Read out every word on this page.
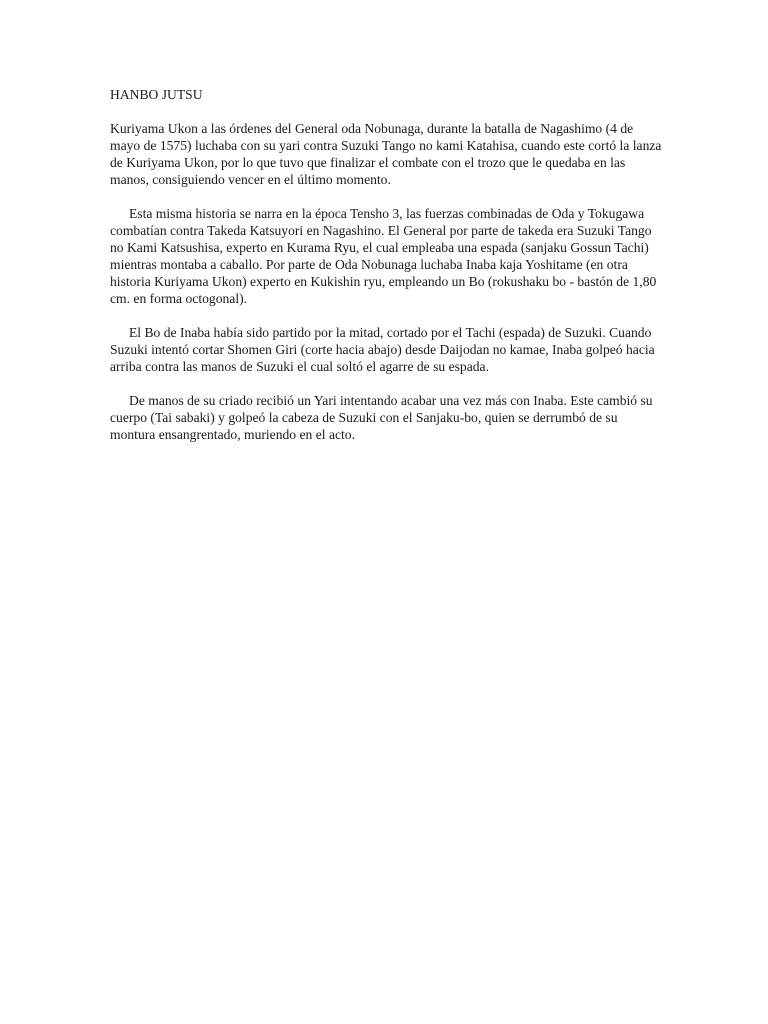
HANBO JUTSU

Kuriyama Ukon a las órdenes del General oda Nobunaga, durante la batalla de Nagashimo (4 de mayo de 1575) luchaba con su yari contra Suzuki Tango no kami Katahisa, cuando este cortó la lanza de Kuriyama Ukon, por lo que tuvo que finalizar el combate con el trozo que le quedaba en las manos, consiguiendo vencer en el último momento.

Esta misma historia se narra en la época Tensho 3, las fuerzas combinadas de Oda y Tokugawa combatían contra Takeda Katsuyori en Nagashino. El General por parte de takeda era Suzuki Tango no Kami Katsushisa, experto en Kurama Ryu, el cual empleaba una espada (sanjaku Gossun Tachi) mientras montaba a caballo. Por parte de Oda Nobunaga luchaba Inaba kaja Yoshitame (en otra historia Kuriyama Ukon) experto en Kukishin ryu, empleando un Bo (rokushaku bo - bastón de 1,80 cm. en forma octogonal).

El Bo de Inaba había sido partido por la mitad, cortado por el Tachi (espada) de Suzuki. Cuando Suzuki intentó cortar Shomen Giri (corte hacia abajo) desde Daijodan no kamae, Inaba golpeó hacia arriba contra las manos de Suzuki el cual soltó el agarre de su espada.

De manos de su criado recibió un Yari intentando acabar una vez más con Inaba. Este cambió su cuerpo (Tai sabaki) y golpeó la cabeza de Suzuki con el Sanjaku-bo, quien se derrumbó de su montura ensangrentado, muriendo en el acto.
